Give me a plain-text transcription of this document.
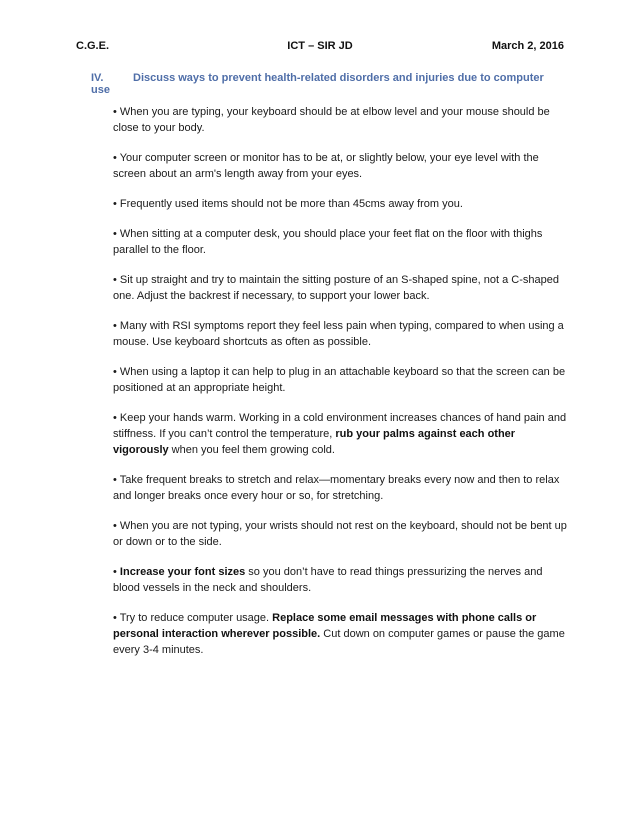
C.G.E.	ICT – SIR JD	March 2, 2016
IV.	Discuss ways to prevent health-related disorders and injuries due to computer use

• When you are typing, your keyboard should be at elbow level and your mouse should be close to your body.

• Your computer screen or monitor has to be at, or slightly below, your eye level with the screen about an arm's length away from your eyes.

• Frequently used items should not be more than 45cms away from you.

• When sitting at a computer desk, you should place your feet flat on the floor with thighs parallel to the floor.

• Sit up straight and try to maintain the sitting posture of an S-shaped spine, not a C-shaped one. Adjust the backrest if necessary, to support your lower back.

• Many with RSI symptoms report they feel less pain when typing, compared to when using a mouse. Use keyboard shortcuts as often as possible.

• When using a laptop it can help to plug in an attachable keyboard so that the screen can be positioned at an appropriate height.

• Keep your hands warm. Working in a cold environment increases chances of hand pain and stiffness. If you can’t control the temperature, rub your palms against each other vigorously when you feel them growing cold.

• Take frequent breaks to stretch and relax—momentary breaks every now and then to relax and longer breaks once every hour or so, for stretching.

• When you are not typing, your wrists should not rest on the keyboard, should not be bent up or down or to the side.

• Increase your font sizes so you don’t have to read things pressurizing the nerves and blood vessels in the neck and shoulders.

• Try to reduce computer usage. Replace some email messages with phone calls or personal interaction wherever possible. Cut down on computer games or pause the game every 3-4 minutes.
